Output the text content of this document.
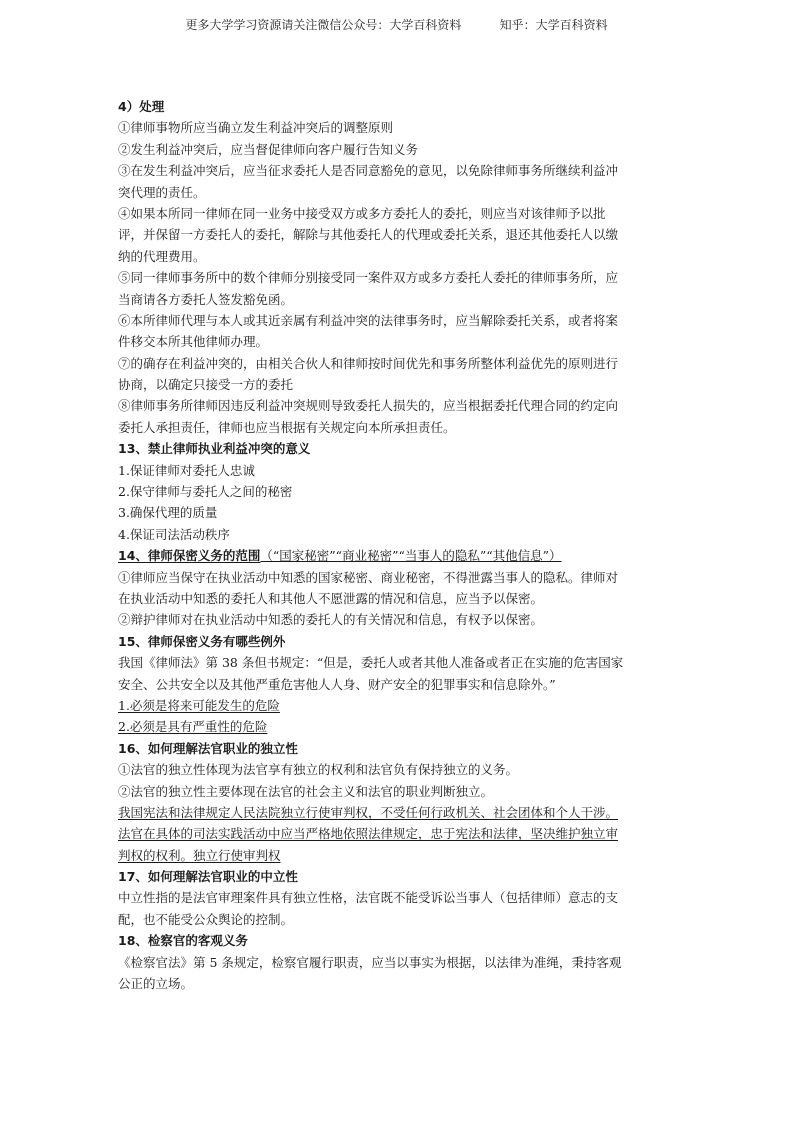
更多大学学习资源请关注微信公众号：大学百科资料          知乎：大学百科资料
4）处理
①律师事物所应当确立发生利益冲突后的调整原则
②发生利益冲突后，应当督促律师向客户履行告知义务
③在发生利益冲突后，应当征求委托人是否同意豁免的意见，以免除律师事务所继续利益冲
突代理的责任。
④如果本所同一律师在同一业务中接受双方或多方委托人的委托，则应当对该律师予以批
评，并保留一方委托人的委托，解除与其他委托人的代理或委托关系，退还其他委托人以缴
纳的代理费用。
⑤同一律师事务所中的数个律师分别接受同一案件双方或多方委托人委托的律师事务所，应
当商请各方委托人签发豁免函。
⑥本所律师代理与本人或其近亲属有利益冲突的法律事务时，应当解除委托关系，或者将案
件移交本所其他律师办理。
⑦的确存在利益冲突的，由相关合伙人和律师按时间优先和事务所整体利益优先的原则进行
协商，以确定只接受一方的委托
⑧律师事务所律师因违反利益冲突规则导致委托人损失的，应当根据委托代理合同的约定向
委托人承担责任，律师也应当根据有关规定向本所承担责任。
13、禁止律师执业利益冲突的意义
1.保证律师对委托人忠诚
2.保守律师与委托人之间的秘密
3.确保代理的质量
4.保证司法活动秩序
14、律师保密义务的范围（“国家秘密”“商业秘密”“当事人的隐私”“其他信息”）
①律师应当保守在执业活动中知悉的国家秘密、商业秘密，不得泄露当事人的隐私。律师对
在执业活动中知悉的委托人和其他人不愿泄露的情况和信息，应当予以保密。
②辩护律师对在执业活动中知悉的委托人的有关情况和信息，有权予以保密。
15、律师保密义务有哪些例外
我国《律师法》第 38 条但书规定：“但是，委托人或者其他人准备或者正在实施的危害国家
安全、公共安全以及其他严重危害他人人身、财产安全的犯罪事实和信息除外。”
1.必须是将来可能发生的危险
2.必须是具有严重性的危险
16、如何理解法官职业的独立性
①法官的独立性体现为法官享有独立的权利和法官负有保持独立的义务。
②法官的独立性主要体现在法官的社会主义和法官的职业判断独立。
我国宪法和法律规定人民法院独立行使审判权，不受任何行政机关、社会团体和个人干涉。
法官在具体的司法实践活动中应当严格地依照法律规定，忠于宪法和法律，坚决维护独立审
判权的权利。独立行使审判权
17、如何理解法官职业的中立性
中立性指的是法官审理案件具有独立性格，法官既不能受诉讼当事人（包括律师）意志的支
配，也不能受公众舆论的控制。
18、检察官的客观义务
《检察官法》第 5 条规定，检察官履行职责，应当以事实为根据，以法律为准绳，秉持客观
公正的立场。
